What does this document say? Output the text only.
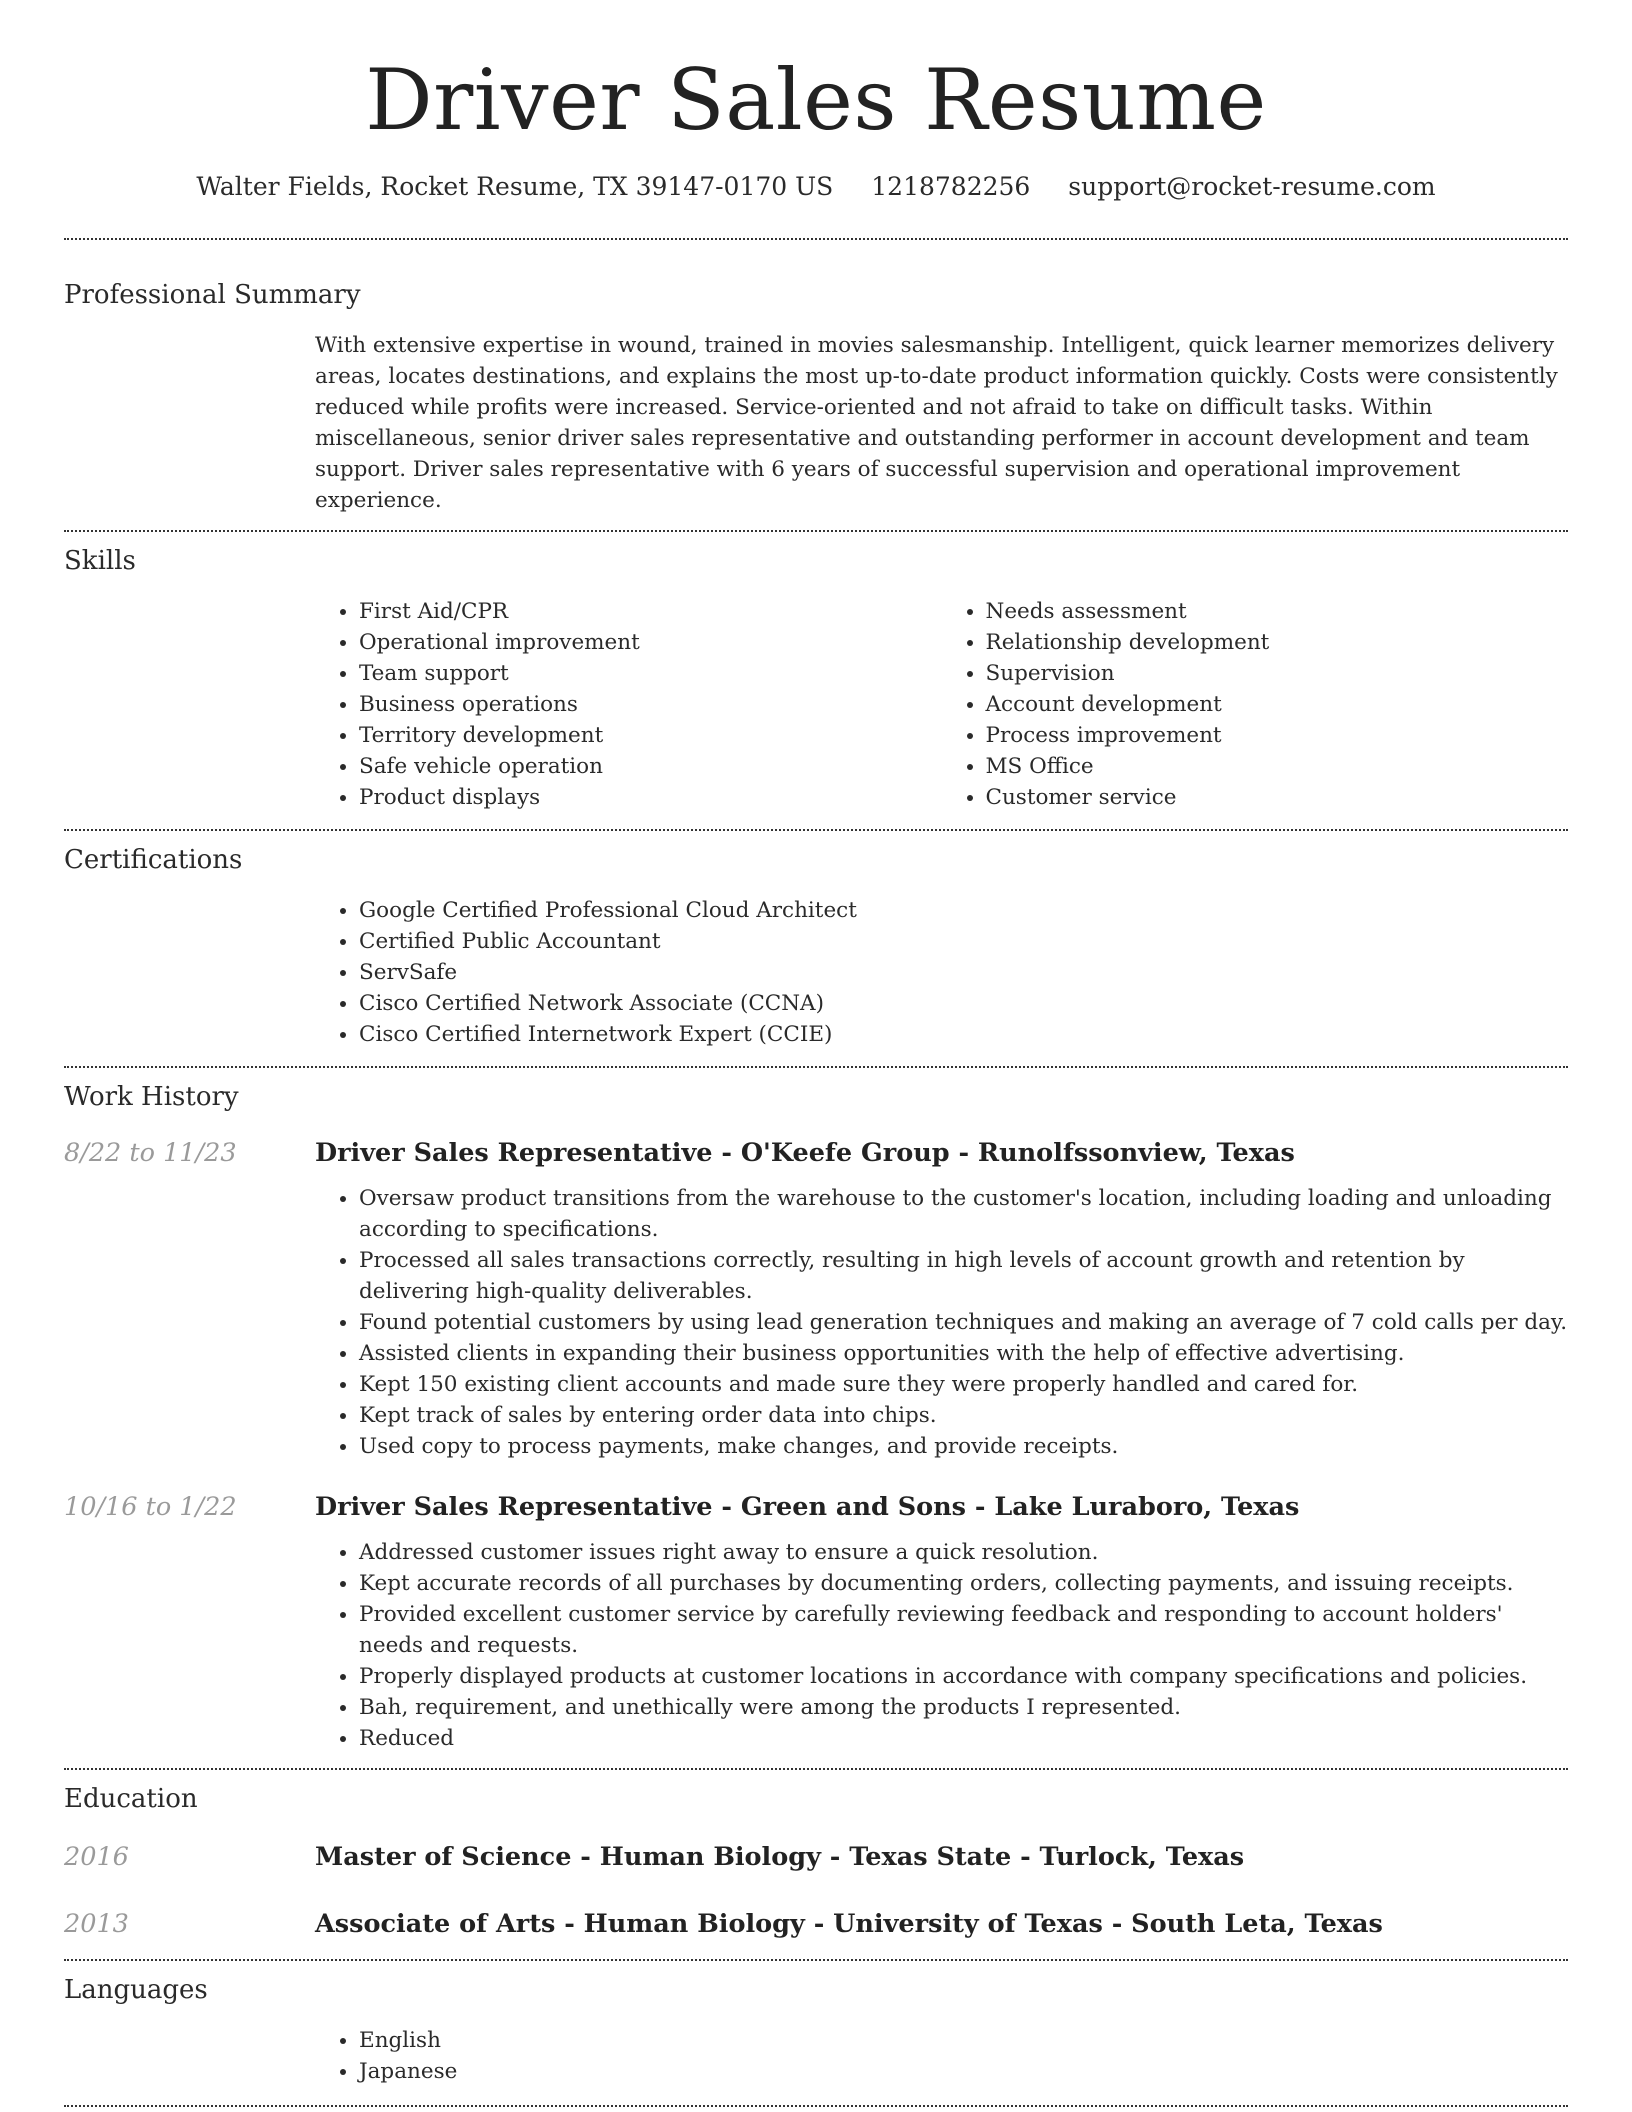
Driver Sales Resume
Walter Fields, Rocket Resume, TX 39147-0170 US 1218782256 support@rocket-resume.com
Professional Summary

With extensive expertise in wound, trained in movies salesmanship. Intelligent, quick learner memorizes delivery areas, locates destinations, and explains the most up-to-date product information quickly. Costs were consistently reduced while profits were increased. Service-oriented and not afraid to take on difficult tasks. Within miscellaneous, senior driver sales representative and outstanding performer in account development and team support. Driver sales representative with 6 years of successful supervision and operational improvement experience.

Skills
• First Aid/CPR
• Operational improvement
• Team support
• Business operations
• Territory development
• Safe vehicle operation
• Product displays
• Needs assessment
• Relationship development
• Supervision
• Account development
• Process improvement
• MS Office
• Customer service
Certifications
• Google Certified Professional Cloud Architect
• Certified Public Accountant
• ServSafe
• Cisco Certified Network Associate (CCNA)
• Cisco Certified Internetwork Expert (CCIE)
Work History
8/22 to 11/23	Driver Sales Representative - O'Keefe Group - Runolfssonview, Texas
• Oversaw product transitions from the warehouse to the customer's location, including loading and unloading according to specifications.
• Processed all sales transactions correctly, resulting in high levels of account growth and retention by delivering high-quality deliverables.
• Found potential customers by using lead generation techniques and making an average of 7 cold calls per day.
• Assisted clients in expanding their business opportunities with the help of effective advertising.
• Kept 150 existing client accounts and made sure they were properly handled and cared for.
• Kept track of sales by entering order data into chips.
• Used copy to process payments, make changes, and provide receipts.
10/16 to 1/22	Driver Sales Representative - Green and Sons - Lake Luraboro, Texas
• Addressed customer issues right away to ensure a quick resolution.
• Kept accurate records of all purchases by documenting orders, collecting payments, and issuing receipts.
• Provided excellent customer service by carefully reviewing feedback and responding to account holders' needs and requests.
• Properly displayed products at customer locations in accordance with company specifications and policies.
• Bah, requirement, and unethically were among the products I represented.
• Reduced
Education
2016	Master of Science - Human Biology - Texas State - Turlock, Texas
2013	Associate of Arts - Human Biology - University of Texas - South Leta, Texas
Languages
• English
• Japanese
